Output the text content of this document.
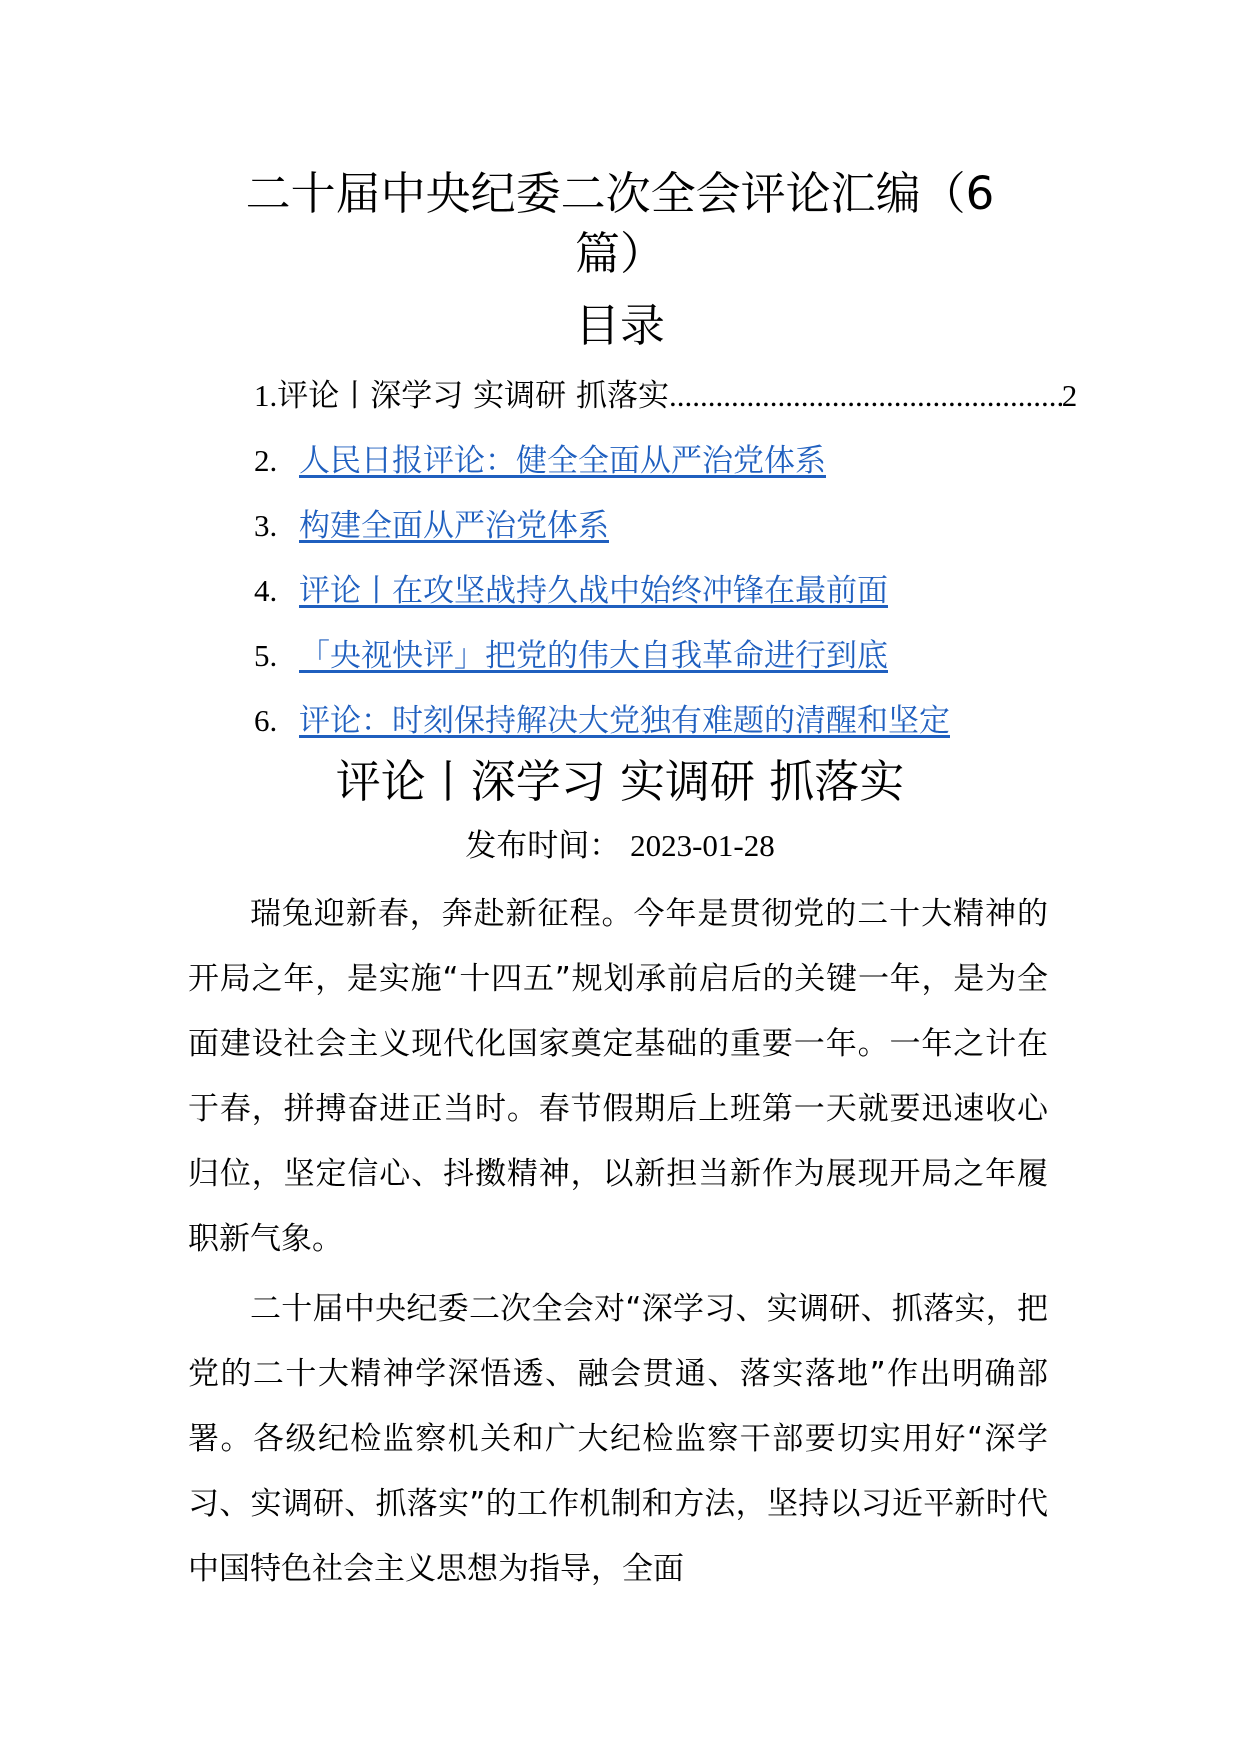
二十届中央纪委二次全会评论汇编（6
篇）
目录
1. 评论丨深学习 实调研 抓落实
.....	2
2. 人民日报评论：健全全面从严治党体系
3. 构建全面从严治党体系
4. 评论丨在攻坚战持久战中始终冲锋在最前面
5. 「央视快评」把党的伟大自我革命进行到底
6. 评论：时刻保持解决大党独有难题的清醒和坚定
评论丨深学习 实调研 抓落实
发布时间： 2023-01-28

瑞兔迎新春，奔赴新征程。今年是贯彻党的二十大精神的开局之年，是实施“十四五”规划承前启后的关键一年，是为全面建设社会主义现代化国家奠定基础的重要一年。一年之计在于春，拼搏奋进正当时。春节假期后上班第一天就要迅速收心归位，坚定信心、抖擞精神，以新担当新作为展现开局之年履职新气象。

二十届中央纪委二次全会对“深学习、实调研、抓落实，把党的二十大精神学深悟透、融会贯通、落实落地”作出明确部署。各级纪检监察机关和广大纪检监察干部要切实用好“深学习、实调研、抓落实”的工作机制和方法，坚持以习近平新时代中国特色社会主义思想为指导，全面
